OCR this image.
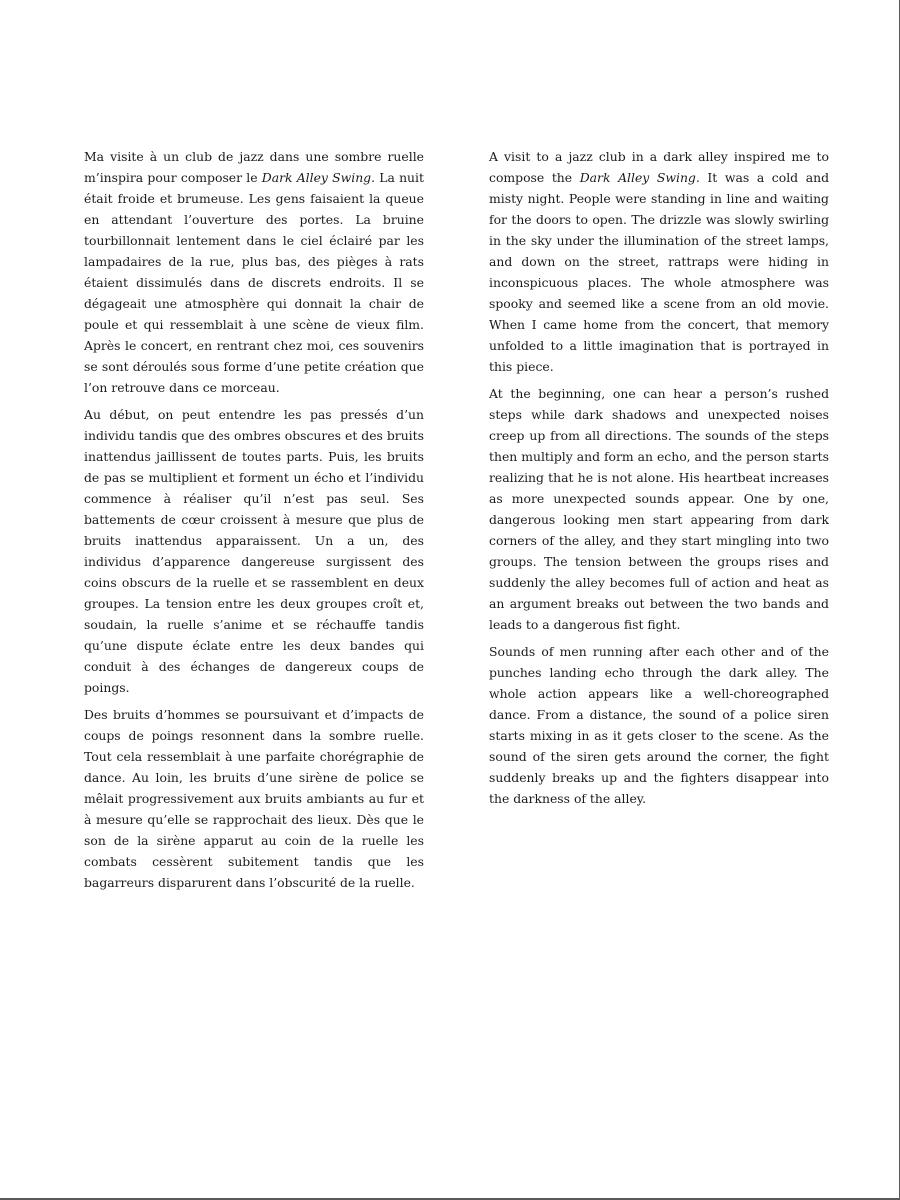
Ma visite à un club de jazz dans une sombre ruelle m’inspira pour composer le Dark Alley Swing. La nuit était froide et brumeuse. Les gens faisaient la queue en attendant l’ouverture des portes. La bruine tourbillonnait lentement dans le ciel éclairé par les lampadaires de la rue, plus bas, des pièges à rats étaient dissimulés dans de discrets endroits. Il se dégageait une atmosphère qui donnait la chair de poule et qui ressemblait à une scène de vieux film. Après le concert, en rentrant chez moi, ces souvenirs se sont déroulés sous forme d’une petite création que l’on retrouve dans ce morceau.

Au début, on peut entendre les pas pressés d’un individu tandis que des ombres obscures et des bruits inattendus jaillissent de toutes parts. Puis, les bruits de pas se multiplient et forment un écho et l’individu commence à réaliser qu’il n’est pas seul. Ses battements de cœur croissent à mesure que plus de bruits inattendus apparaissent. Un a un, des individus d’apparence dangereuse surgissent des coins obscurs de la ruelle et se rassemblent en deux groupes. La tension entre les deux groupes croît et, soudain, la ruelle s’anime et se réchauffe tandis qu’une dispute éclate entre les deux bandes qui conduit à des échanges de dangereux coups de poings.

Des bruits d’hommes se poursuivant et d’impacts de coups de poings resonnent dans la sombre ruelle. Tout cela ressemblait à une parfaite chorégraphie de dance. Au loin, les bruits d’une sirène de police se mêlait progressivement aux bruits ambiants au fur et à mesure qu’elle se rapprochait des lieux. Dès que le son de la sirène apparut au coin de la ruelle les combats cessèrent subitement tandis que les bagarreurs disparurent dans l’obscurité de la ruelle.

A visit to a jazz club in a dark alley inspired me to compose the Dark Alley Swing. It was a cold and misty night. People were standing in line and waiting for the doors to open. The drizzle was slowly swirling in the sky under the illumination of the street lamps, and down on the street, rattraps were hiding in inconspicuous places. The whole atmosphere was spooky and seemed like a scene from an old movie. When I came home from the concert, that memory unfolded to a little imagination that is portrayed in this piece.

At the beginning, one can hear a person’s rushed steps while dark shadows and unexpected noises creep up from all directions. The sounds of the steps then multiply and form an echo, and the person starts realizing that he is not alone. His heartbeat increases as more unexpected sounds appear. One by one, dangerous looking men start appearing from dark corners of the alley, and they start mingling into two groups. The tension between the groups rises and suddenly the alley becomes full of action and heat as an argument breaks out between the two bands and leads to a dangerous fist fight.

Sounds of men running after each other and of the punches landing echo through the dark alley. The whole action appears like a well-choreographed dance. From a distance, the sound of a police siren starts mixing in as it gets closer to the scene. As the sound of the siren gets around the corner, the fight suddenly breaks up and the fighters disappear into the darkness of the alley.
